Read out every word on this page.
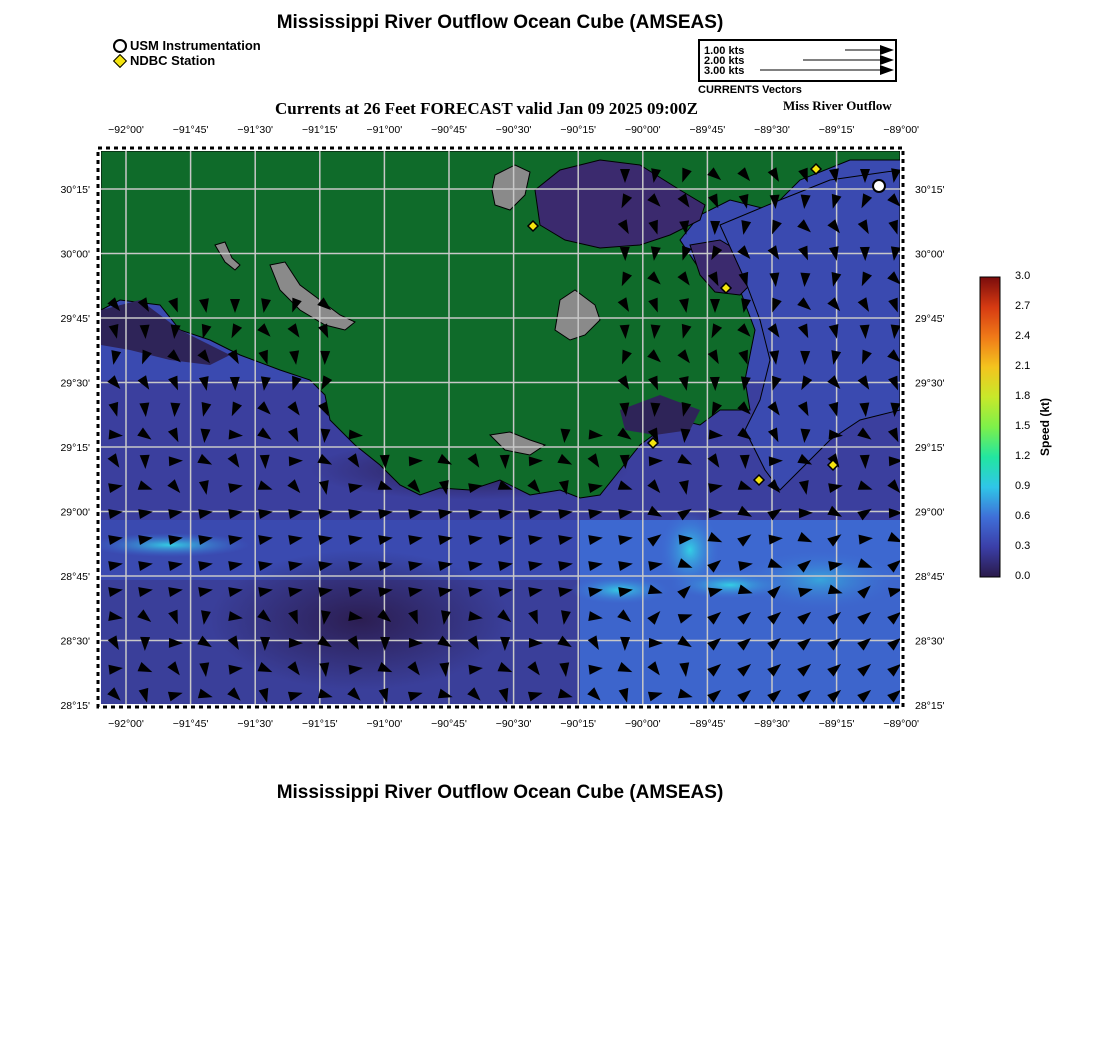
Mississippi River Outflow Ocean Cube (AMSEAS)
USM Instrumentation
NDBC Station
1.00 kts
2.00 kts
3.00 kts
CURRENTS Vectors
Currents at 26 Feet FORECAST valid Jan 09 2025 09:00Z	Miss River Outflow
−92°00'
−92°00'
−91°45'
−91°45'
−91°30'
−91°30'
−91°15'
−91°15'
−91°00'
−91°00'
−90°45'
−90°45'
−90°30'
−90°30'
−90°15'
−90°15'
−90°00'
−90°00'
−89°45'
−89°45'
−89°30'
−89°30'
−89°15'
−89°15'
−89°00'
−89°00'
30°15'	30°15'
30°00'	30°00'
29°45'	29°45'
29°30'	29°30'
29°15'	29°15'
29°00'	29°00'
28°45'	28°45'
28°30'	28°30'
28°15'	28°15'
3.0
2.7
2.4
2.1
1.8
1.5
1.2
0.9
0.6
0.3
0.0
Speed (kt)
Mississippi River Outflow Ocean Cube (AMSEAS)
